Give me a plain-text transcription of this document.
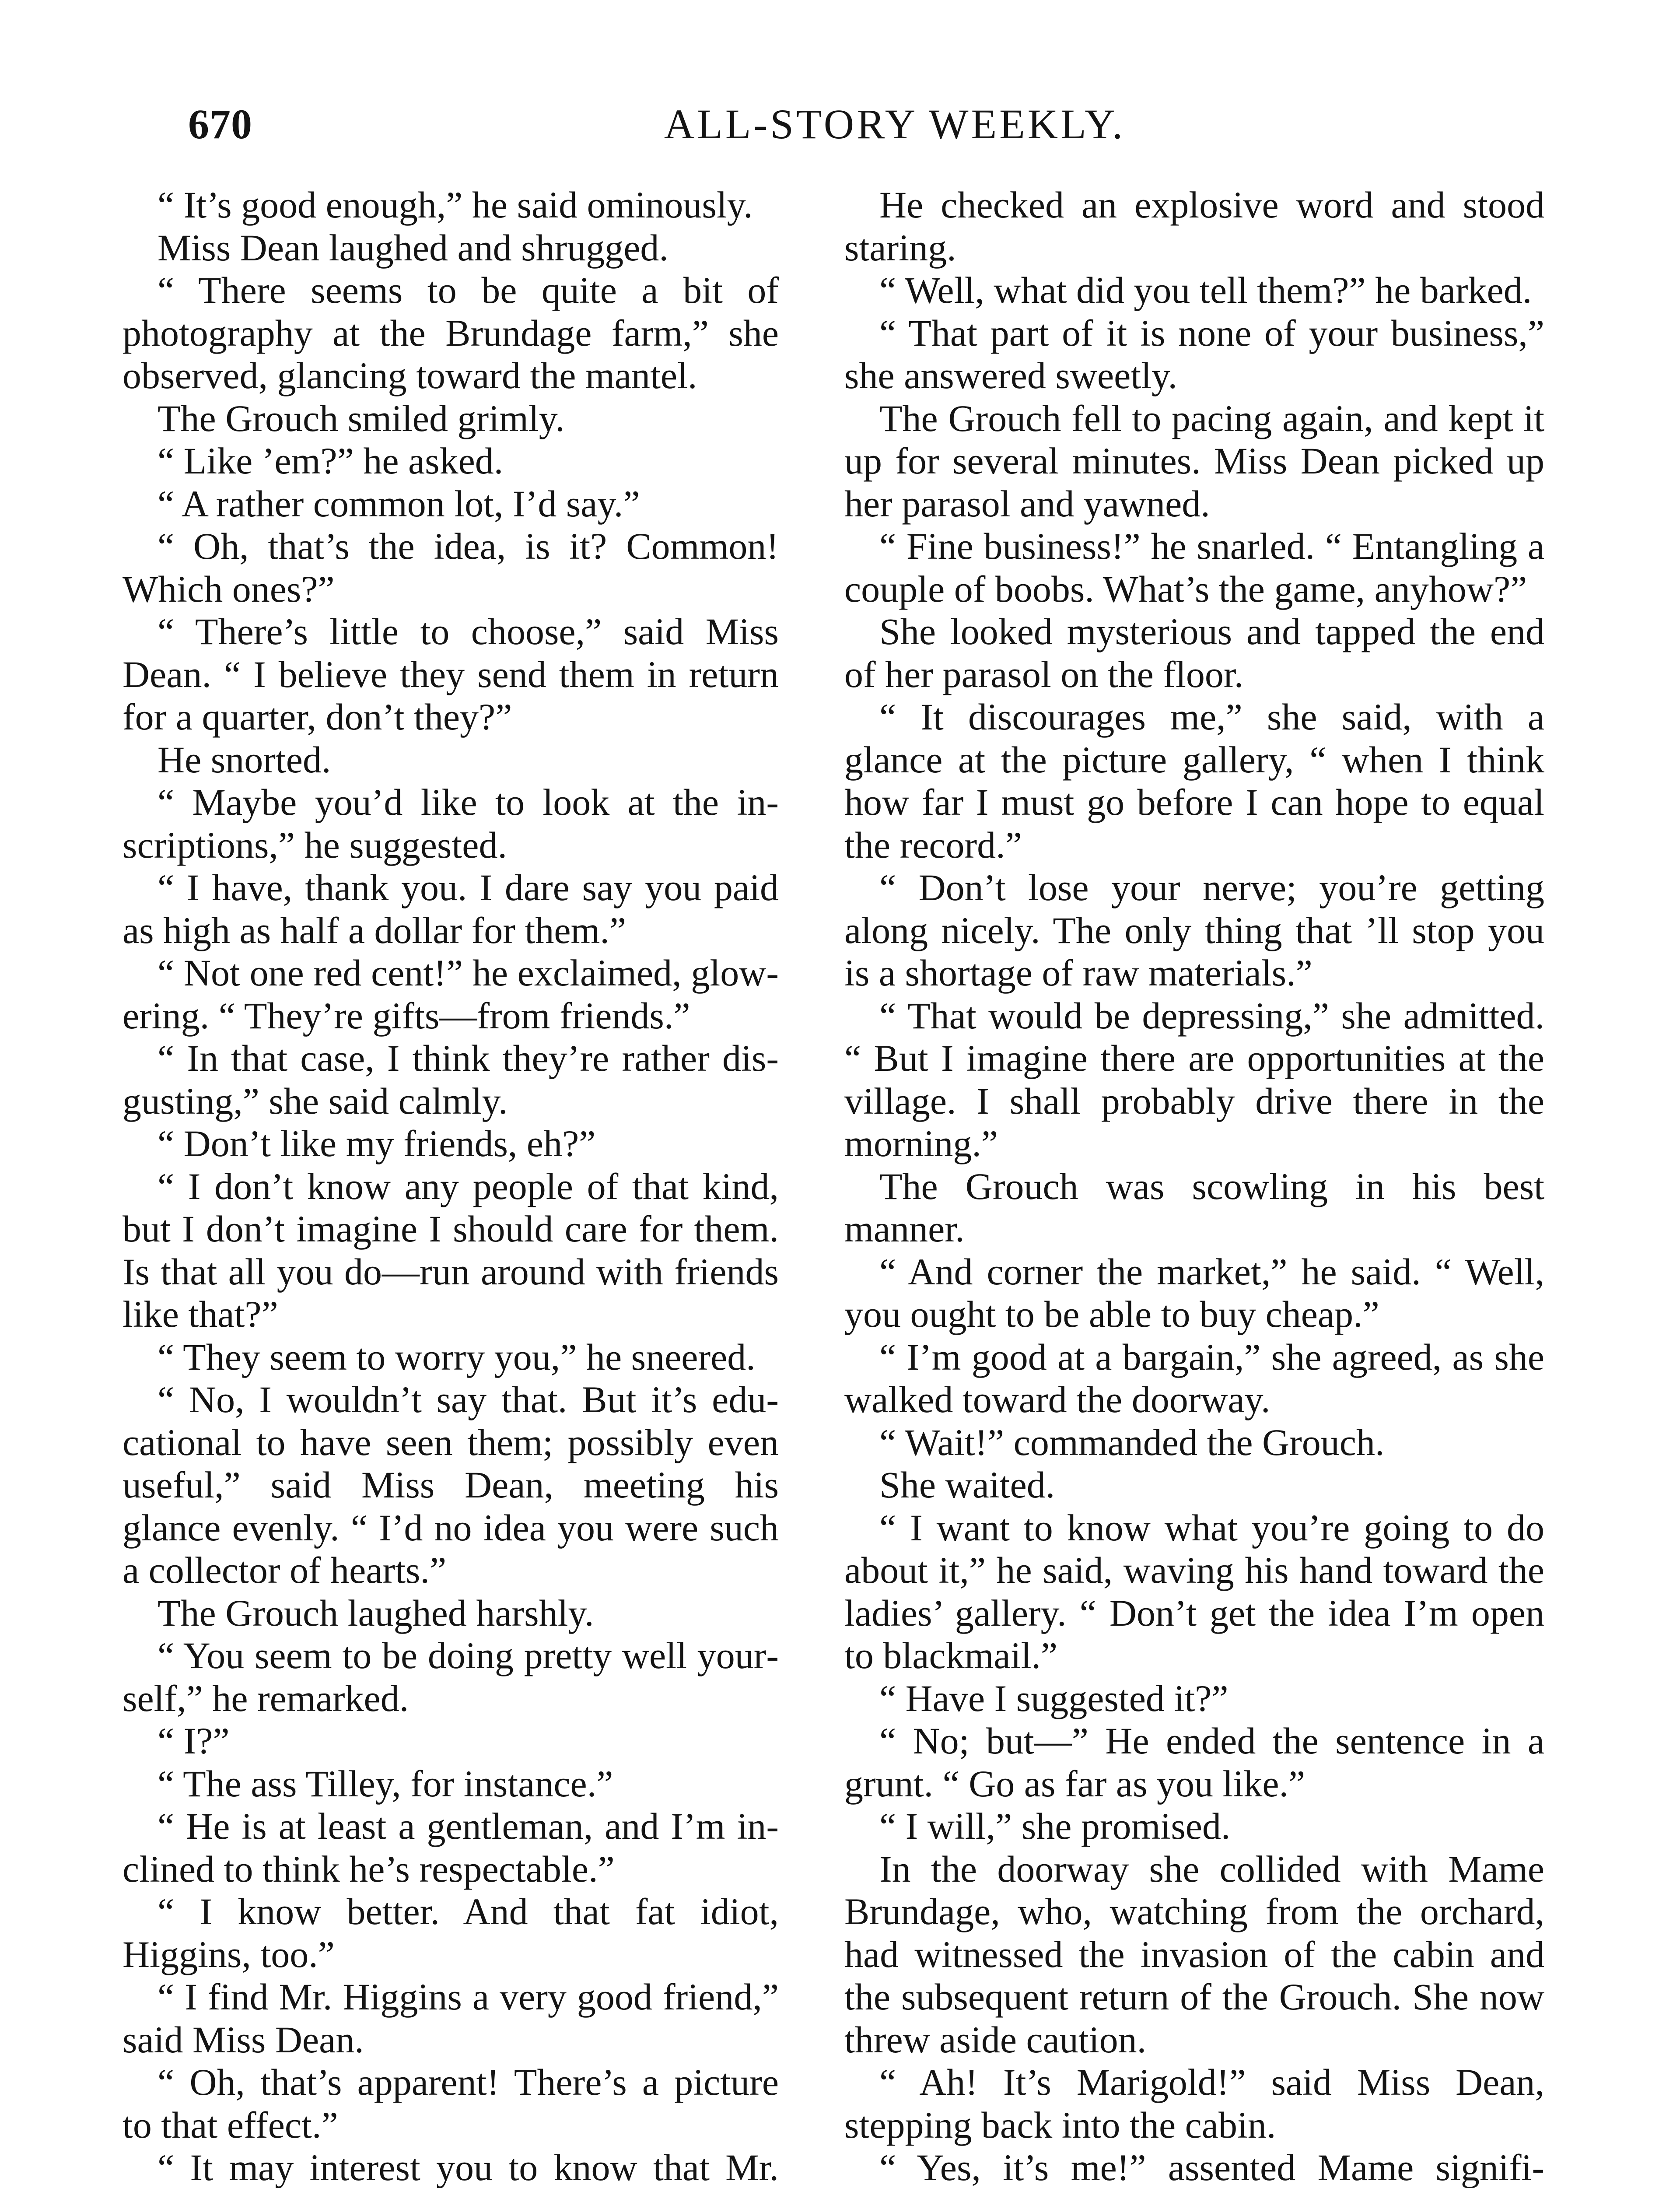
670	ALL-STORY WEEKLY.

“ It’s good enough,” he said ominously.

Miss Dean laughed and shrugged.

“ There seems to be quite a bit of photography at the Brundage farm,” she observed, glancing toward the mantel.

The Grouch smiled grimly.

“ Like ’em?” he asked.

“ A rather common lot, I’d say.”

“ Oh, that’s the idea, is it? Common! Which ones?”

“ There’s little to choose,” said Miss Dean. “ I believe they send them in return for a quarter, don’t they?”

He snorted.

“ Maybe you’d like to look at the inscriptions,” he suggested.

“ I have, thank you. I dare say you paid as high as half a dollar for them.”

“ Not one red cent!” he exclaimed, glowering. “ They’re gifts—from friends.”

“ In that case, I think they’re rather disgusting,” she said calmly.

“ Don’t like my friends, eh?”

“ I don’t know any people of that kind, but I don’t imagine I should care for them. Is that all you do—run around with friends like that?”

“ They seem to worry you,” he sneered.

“ No, I wouldn’t say that. But it’s educational to have seen them; possibly even useful,” said Miss Dean, meeting his glance evenly. “ I’d no idea you were such a collector of hearts.”

The Grouch laughed harshly.

“ You seem to be doing pretty well yourself,” he remarked.

“ I?”

“ The ass Tilley, for instance.”

“ He is at least a gentleman, and I’m inclined to think he’s respectable.”

“ I know better. And that fat idiot, Higgins, too.”

“ I find Mr. Higgins a very good friend,” said Miss Dean.

“ Oh, that’s apparent! There’s a picture to that effect.”

“ It may interest you to know that Mr.

He checked an explosive word and stood staring.

“ Well, what did you tell them?” he barked.

“ That part of it is none of your business,” she answered sweetly.

The Grouch fell to pacing again, and kept it up for several minutes. Miss Dean picked up her parasol and yawned.

“ Fine business!” he snarled. “ Entangling a couple of boobs. What’s the game, anyhow?”

She looked mysterious and tapped the end of her parasol on the floor.

“ It discourages me,” she said, with a glance at the picture gallery, “ when I think how far I must go before I can hope to equal the record.”

“ Don’t lose your nerve; you’re getting along nicely. The only thing that ’ll stop you is a shortage of raw materials.”

“ That would be depressing,” she admitted. “ But I imagine there are opportunities at the village. I shall probably drive there in the morning.”

The Grouch was scowling in his best manner.

“ And corner the market,” he said. “ Well, you ought to be able to buy cheap.”

“ I’m good at a bargain,” she agreed, as she walked toward the doorway.

“ Wait!” commanded the Grouch.

She waited.

“ I want to know what you’re going to do about it,” he said, waving his hand toward the ladies’ gallery. “ Don’t get the idea I’m open to blackmail.”

“ Have I suggested it?”

“ No; but—” He ended the sentence in a grunt. “ Go as far as you like.”

“ I will,” she promised.

In the doorway she collided with Mame Brundage, who, watching from the orchard, had witnessed the invasion of the cabin and the subsequent return of the Grouch. She now threw aside caution.

“ Ah! It’s Marigold!” said Miss Dean, stepping back into the cabin.

“ Yes, it’s me!” assented Mame signifi
